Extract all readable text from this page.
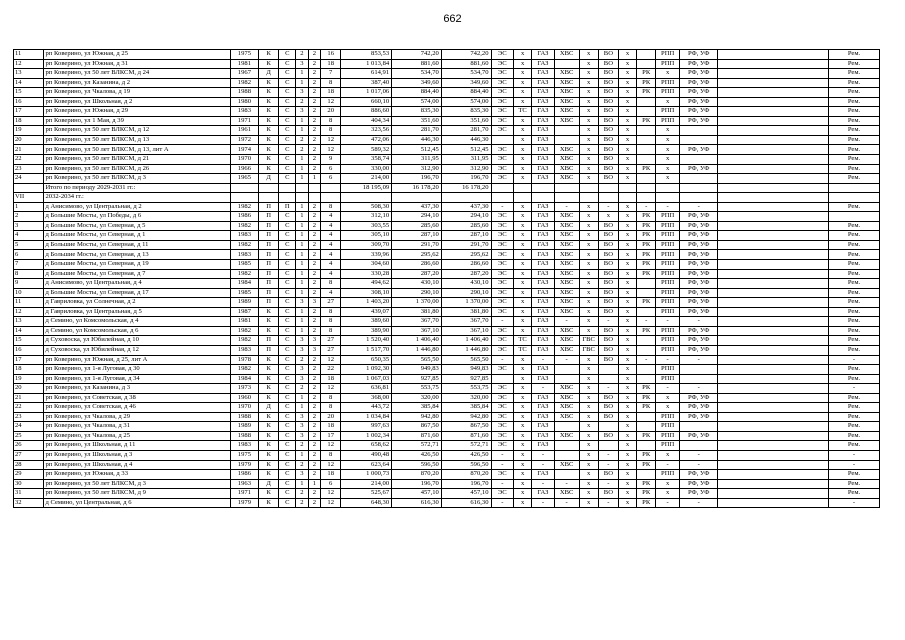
662
11	рп Коверино, ул Южная, д 25	1975	К	С	2	2	16	853,53	742,20	742,20	ЭС	х	ГАЗ	ХВС	х	ВО	х		РПП	РФ, УФ		Рем.
12	рп Коверино, ул Южная, д 31	1981	К	С	3	2	18	1 013,84	881,60	881,60	ЭС	х	ГАЗ		х	ВО	х		РПП	РФ, УФ		Рем.
13	рп Коверино, ул 50 лет ВЛКСМ, д 24	1967	Д	С	1	2	7	614,91	534,70	534,70	ЭС	х	ГАЗ	ХВС	х	ВО	х	РК	х	РФ, УФ		Рем.
14	рп Коверино, ул Казанина, д 2	1982	К	С	1	2	8	387,40	349,60	349,60	ЭС	х	ГАЗ	ХВС	х	ВО	х	РК	РПП	РФ, УФ		Рем.
15	рп Коверино, ул Чкалова, д 19	1988	К	С	3	2	18	1 017,06	884,40	884,40	ЭС	х	ГАЗ	ХВС	х	ВО	х	РК	РПП	РФ, УФ		Рем.
16	рп Коверино, ул Школьная, д 2	1980	К	С	2	2	12	660,10	574,00	574,00	ЭС	х	ГАЗ	ХВС	х	ВО	х		х	РФ, УФ		Рем.
17	рп Коверино, ул Южная, д 29	1983	К	С	3	2	20	886,60	835,30	835,30	ЭС	ТС	ГАЗ	ХВС	х	ВО	х		РПП	РФ, УФ		Рем.
18	рп Коверино, ул 1 Мая, д 39	1971	К	С	1	2	8	404,34	351,60	351,60	ЭС	х	ГАЗ	ХВС	х	ВО	х	РК	РПП	РФ, УФ		Рем.
19	рп Коверино, ул 50 лет ВЛКСМ, д 12	1961	К	С	1	2	8	323,56	281,70	281,70	ЭС	х	ГАЗ		х	ВО	х		х			Рем.
20	рп Коверино, ул 50 лет ВЛКСМ, д 13	1972	К	С	2	2	12	472,06	446,30	446,30		х	ГАЗ		х	ВО	х		х			Рем.
21	рп Коверино, ул 50 лет ВЛКСМ, д 13, лит А	1974	К	С	2	2	12	589,32	512,45	512,45	ЭС	х	ГАЗ	ХВС	х	ВО	х		х	РФ, УФ		Рем.
22	рп Коверино, ул 50 лет ВЛКСМ, д 21	1970	К	С	1	2	9	358,74	311,95	311,95	ЭС	х	ГАЗ	ХВС	х	ВО	х		х			Рем.
23	рп Коверино, ул 50 лет ВЛКСМ, д 26	1966	К	С	1	2	6	330,00	312,90	312,90	ЭС	х	ГАЗ	ХВС	х	ВО	х	РК	х	РФ, УФ		Рем.
24	рп Коверино, ул 50 лет ВЛКСМ, д 3	1965	Д	С	1	1	6	214,00	196,70	196,70	ЭС	х	ГАЗ	ХВС	х	ВО	х		х			Рем.
	Итого по периоду 2029-2031 гг.:							18 195,09	16 178,20	16 178,20												
VII	2032-2034 гг.:																					
1	д Анисимово, ул Центральная, д 2	1982	П	П	1	2	8	508,30	437,30	437,30	-	х	ГАЗ	-	х	-	х	-	-	-		Рем.
2	д Большие Мосты, ул Победы, д 6	1986	П	С	1	2	4	312,10	294,10	294,10	ЭС	х	ГАЗ	ХВС	х	х	х	РК	РПП	РФ, УФ		
3	д Большие Мосты, ул Северная, д 5	1982	П	С	1	2	4	303,55	285,60	285,60	ЭС	х	ГАЗ	ХВС	х	ВО	х	РК	РПП	РФ, УФ		Рем.
4	д Большие Мосты, ул Северная, д 1	1983	П	С	1	2	4	305,10	287,10	287,10	ЭС	х	ГАЗ	ХВС	х	ВО	х	РК	РПП	РФ, УФ		Рем.
5	д Большие Мосты, ул Северная, д 11	1982	П	С	1	2	4	309,70	291,70	291,70	ЭС	х	ГАЗ	ХВС	х	ВО	х	РК	РПП	РФ, УФ		Рем.
6	д Большие Мосты, ул Северная, д 13	1983	П	С	1	2	4	339,96	295,62	295,62	ЭС	х	ГАЗ	ХВС	х	ВО	х	РК	РПП	РФ, УФ		Рем.
7	д Большие Мосты, ул Северная, д 19	1985	П	С	1	2	4	304,60	286,60	286,60	ЭС	х	ГАЗ	ХВС	х	ВО	х	РК	РПП	РФ, УФ		Рем.
8	д Большие Мосты, ул Северная, д 7	1982	П	С	1	2	4	330,28	287,20	287,20	ЭС	х	ГАЗ	ХВС	х	ВО	х	РК	РПП	РФ, УФ		Рем.
9	д Анисимово, ул Центральная, д 4	1984	П	С	1	2	8	494,62	430,10	430,10	ЭС	х	ГАЗ	ХВС	х	ВО	х		РПП	РФ, УФ		Рем.
10	д Большие Мосты, ул Северная, д 17	1985	П	С	1	2	4	308,10	290,10	290,10	ЭС	х	ГАЗ	ХВС	х	ВО	х		РПП	РФ, УФ		Рем.
11	д Гавриловка, ул Солнечная, д 2	1989	П	С	3	3	27	1 403,20	1 370,00	1 370,00	ЭС	х	ГАЗ	ХВС	х	ВО	х	РК	РПП	РФ, УФ		Рем.
12	д Гавриловка, ул Центральная, д 5	1987	К	С	1	2	8	439,07	381,80	381,80	ЭС	х	ГАЗ	ХВС	х	ВО	х		РПП	РФ, УФ		Рем.
13	д Семино, ул Комсомольская, д 4	1981	К	С	1	2	8	389,60	367,70	367,70	-	х	ГАЗ	-	х	-	х	-	-	-		Рем.
14	д Семино, ул Комсомольская, д 6	1982	К	С	1	2	8	389,90	367,10	367,10	ЭС	х	ГАЗ	ХВС	х	ВО	х	РК	РПП	РФ, УФ		Рем.
15	д Суховоска, ул Юбилейная, д 10	1982	П	С	3	3	27	1 520,40	1 406,40	1 406,40	ЭС	ТС	ГАЗ	ХВС	ГВС	ВО	х		РПП	РФ, УФ		Рем.
16	д Суховоска, ул Юбилейная, д 12	1983	П	С	3	3	27	1 517,70	1 446,80	1 446,80	ЭС	ТС	ГАЗ	ХВС	ГВС	ВО	х		РПП	РФ, УФ		Рем.
17	рп Коверино, ул Южная, д 25, лит А	1978	К	С	2	2	12	650,35	565,50	565,50	-	х	-	-	х	ВО	х	-	-	-		-
18	рп Коверино, ул 1-я Луговая, д 30	1982	К	С	3	2	22	1 092,30	949,83	949,83	ЭС	х	ГАЗ		х		х		РПП			Рем.
19	рп Коверино, ул 1-я Луговая, д 34	1984	К	С	3	2	18	1 067,03	927,85	927,85		х	ГАЗ		х		х		РПП			Рем.
20	рп Коверино, ул Казанина, д 3	1973	К	С	2	2	12	636,81	553,75	553,75	ЭС	х	-	ХВС	х	-	х	РК	-	-		-
21	рп Коверино, ул Советская, д 38	1960	К	С	1	2	8	368,00	320,00	320,00	ЭС	х	ГАЗ	ХВС	х	ВО	х	РК	х	РФ, УФ		Рем.
22	рп Коверино, ул Советская, д 46	1970	Д	С	1	2	8	443,72	385,84	385,84	ЭС	х	ГАЗ	ХВС	х	ВО	х	РК	х	РФ, УФ		Рем.
23	рп Коверино, ул Чкалова, д 29	1988	К	С	3	2	20	1 034,84	942,80	942,80	ЭС	х	ГАЗ	ХВС	х	ВО	х		РПП	РФ, УФ		Рем.
24	рп Коверино, ул Чкалова, д 31	1989	К	С	3	2	18	997,63	867,50	867,50	ЭС	х	ГАЗ		х		х		РПП			Рем.
25	рп Коверино, ул Чкалова, д 25	1988	К	С	3	2	17	1 002,34	871,60	871,60	ЭС	х	ГАЗ	ХВС	х	ВО	х	РК	РПП	РФ, УФ		Рем.
26	рп Коверино, ул Школьная, д 11	1983	К	С	2	2	12	658,62	572,71	572,71	ЭС	х	ГАЗ		х		х		РПП			Рем.
27	рп Коверино, ул Школьная, д 3	1975	К	С	1	2	8	490,48	426,50	426,50	-	х	-		х	-	х	РК	х	-		-
28	рп Коверино, ул Школьная, д 4	1979	К	С	2	2	12	623,64	596,50	596,50	-	х	-	ХВС	х	-	х	РК	-	-		-
29	рп Коверино, ул Южная, д 33	1986	К	С	3	2	18	1 000,73	870,20	870,20	ЭС	х	ГАЗ		х	ВО	х		РПП	РФ, УФ		Рем.
30	рп Коверино, ул 50 лет ВЛКСМ, д 3	1963	Д	С	1	1	6	214,00	196,70	196,70	-	х	-	-	х	-	х	РК	х	РФ, УФ		Рем.
31	рп Коверино, ул 50 лет ВЛКСМ, д 9	1971	К	С	2	2	12	525,67	457,10	457,10	ЭС	х	ГАЗ	ХВС	х	ВО	х	РК	х	РФ, УФ		Рем.
32	д Семино, ул Центральная, д 6	1979	К	С	2	2	12	648,30	616,30	616,30	-	х	-	-	х	-	х	РК	-	-		-
